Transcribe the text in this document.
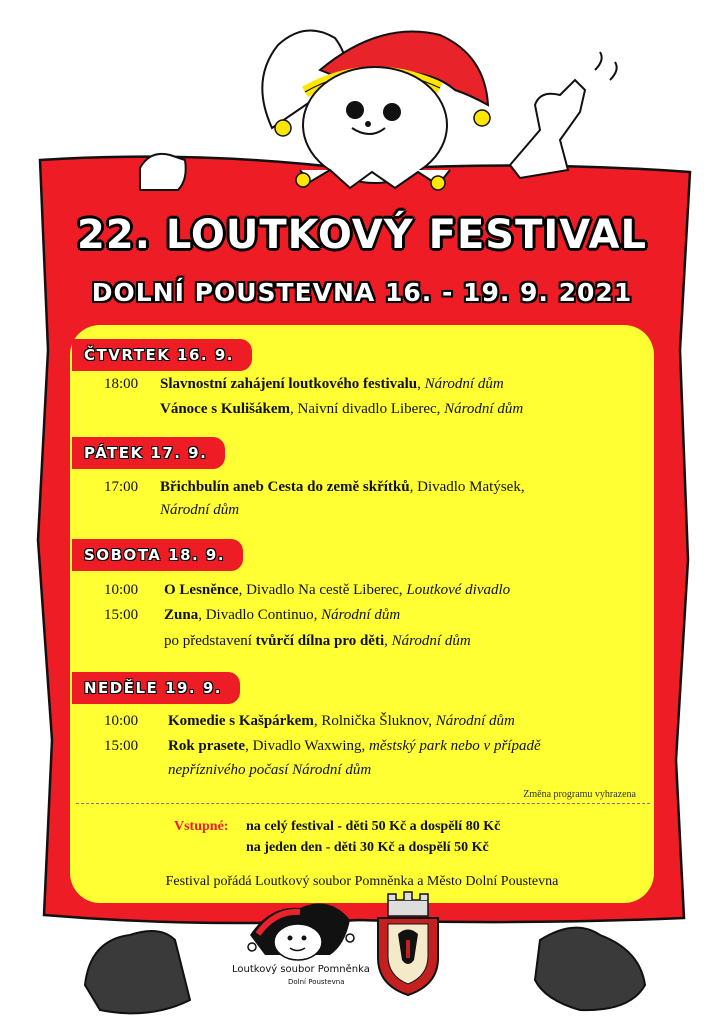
22. LOUTKOVÝ FESTIVAL
DOLNÍ POUSTEVNA 16. - 19. 9. 2021
ČTVRTEK 16. 9.
18:00 Slavnostní zahájení loutkového festivalu, Národní dům
Vánoce s Kulišákem, Naivní divadlo Liberec, Národní dům
PÁTEK 17. 9.
17:00 Břichbulín aneb Cesta do země skřítků, Divadlo Matýsek,
Národní dům
SOBOTA 18. 9.
10:00 O Lesněnce, Divadlo Na cestě Liberec, Loutkové divadlo
15:00 Zuna, Divadlo Continuo, Národní dům
po představení tvůrčí dílna pro děti, Národní dům
NEDĚLE 19. 9.
10:00 Komedie s Kašpárkem, Rolnička Šluknov, Národní dům
15:00 Rok prasete, Divadlo Waxwing, městský park nebo v případě
nepříznivého počasí Národní dům
Změna programu vyhrazena
Vstupné: na celý festival - děti 50 Kč a dospělí 80 Kč
na jeden den - děti 30 Kč a dospělí 50 Kč
Festival pořádá Loutkový soubor Pomněnka a Město Dolní Poustevna
Loutkový soubor Pomněnka
Dolní Poustevna
